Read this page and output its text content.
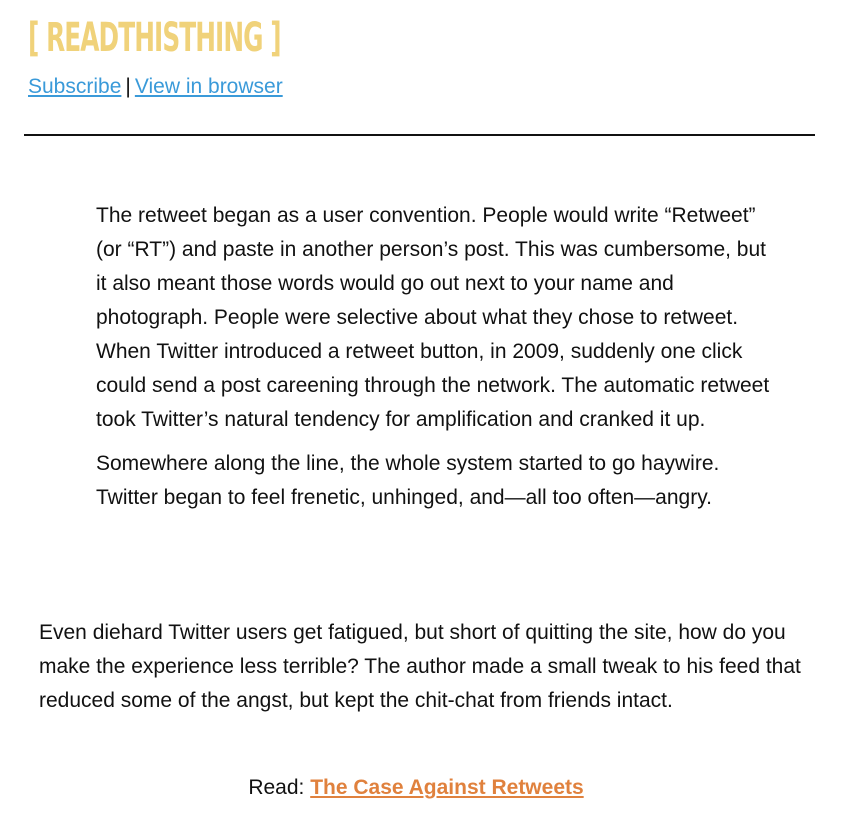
[ READTHISTHING ]
Subscribe | View in browser

The retweet began as a user convention. People would write “Retweet” (or “RT”) and paste in another person’s post. This was cumbersome, but it also meant those words would go out next to your name and photograph. People were selective about what they chose to retweet. When Twitter introduced a retweet button, in 2009, suddenly one click could send a post careening through the network. The automatic retweet took Twitter’s natural tendency for amplification and cranked it up.

Somewhere along the line, the whole system started to go haywire. Twitter began to feel frenetic, unhinged, and—all too often—angry.

Even diehard Twitter users get fatigued, but short of quitting the site, how do you make the experience less terrible? The author made a small tweak to his feed that reduced some of the angst, but kept the chit-chat from friends intact.

Read: The Case Against Retweets
